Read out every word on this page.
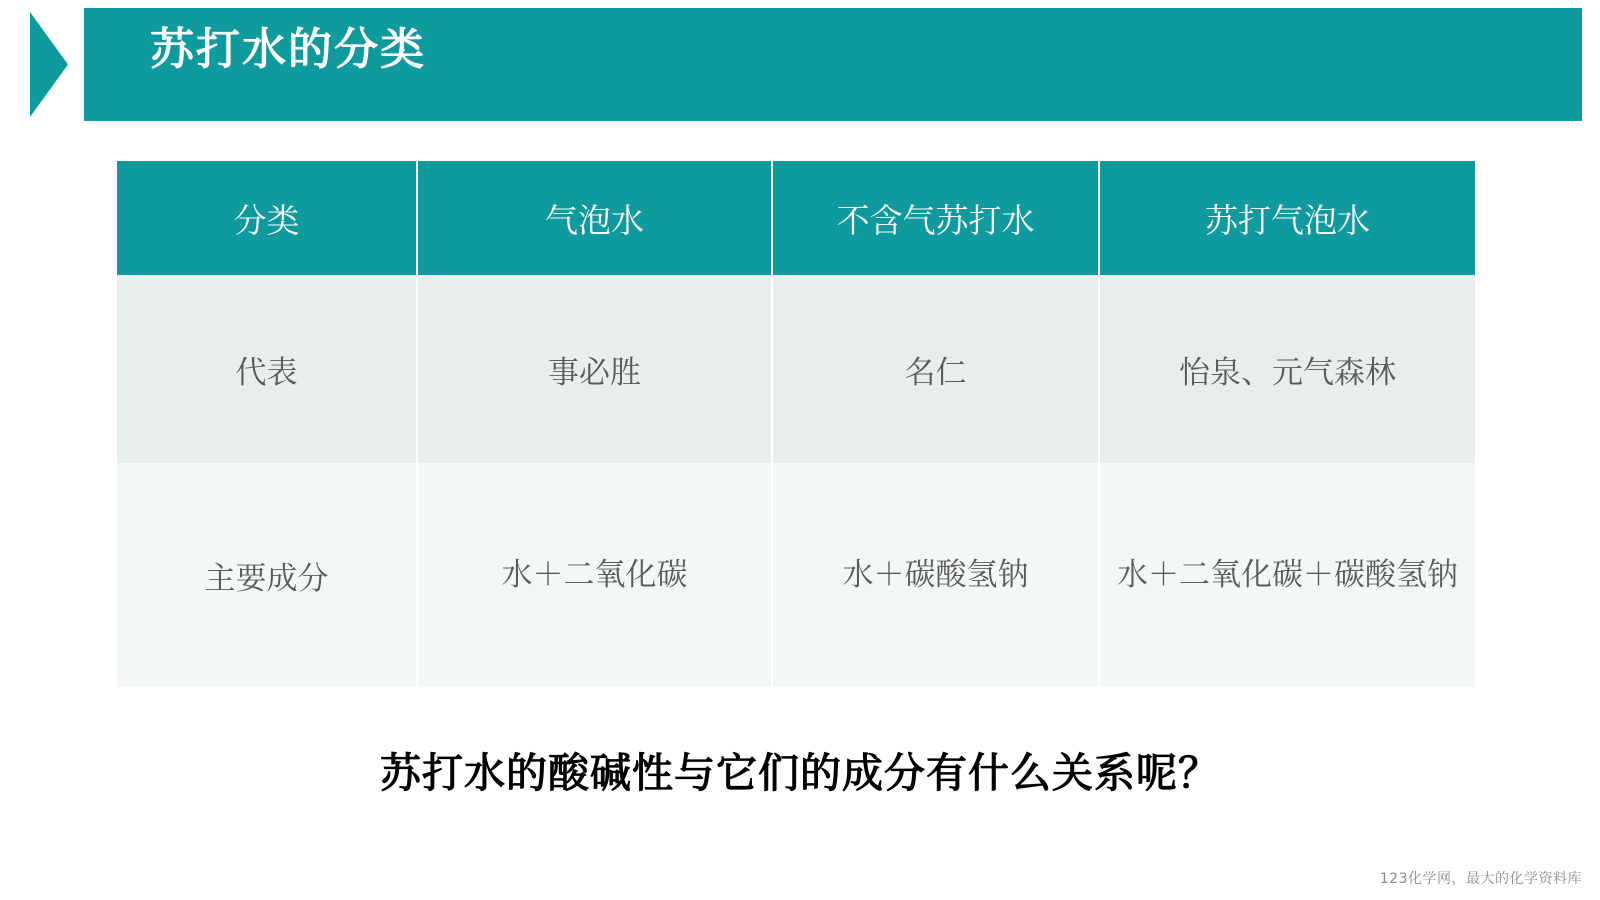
苏打水的分类
分类	气泡水	不含气苏打水	苏打气泡水
代表	事必胜	名仁	怡泉、元气森林
主要成分	水＋二氧化碳	水＋碳酸氢钠	水＋二氧化碳＋碳酸氢钠
苏打水的酸碱性与它们的成分有什么关系呢？
123化学网，最大的化学资料库
